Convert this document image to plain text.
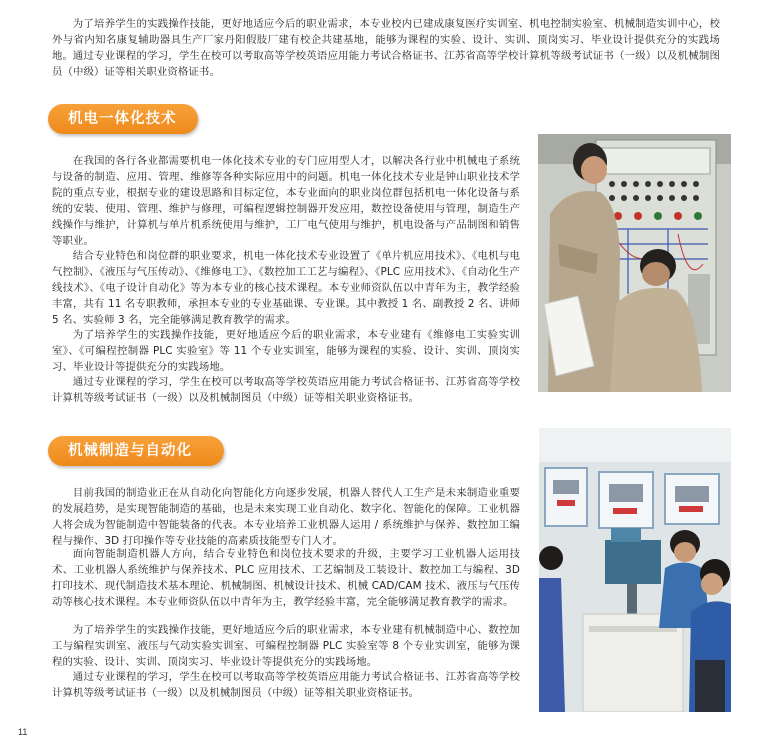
为了培养学生的实践操作技能，更好地适应今后的职业需求，本专业校内已建成康复医疗实训室、机电控制实验室、机械制造实训中心，校外与省内知名康复辅助器具生产厂家丹阳假肢厂建有校企共建基地，能够为课程的实验、设计、实训、顶岗实习、毕业设计提供充分的实践场地。 通过专业课程的学习，学生在校可以考取高等学校英语应用能力考试合格证书、江苏省高等学校计算机等级考试证书（一级）以及机械制图员（中级）证等相关职业资格证书。

机电一体化技术

在我国的各行各业都需要机电一体化技术专业的专门应用型人才，以解决各行业中机械电子系统与设备的制造、应用、管理、维修等各种实际应用中的问题。机电一体化技术专业是钟山职业技术学院的重点专业，根据专业的建设思路和目标定位，本专业面向的职业岗位群包括机电一体化设备与系统的安装、使用、管理、维护与修理，可编程逻辑控制器开发应用，数控设备使用与管理，制造生产线操作与维护，计算机与单片机系统使用与维护，工厂电气使用与维护，机电设备与产品制图和销售等职业。

结合专业特色和岗位群的职业要求，机电一体化技术专业设置了《单片机应用技术》、《电机与电气控制》、《液压与气压传动》、《维修电工》、《数控加工工艺与编程》、《PLC 应用技术》、《自动化生产线技术》、《电子设计自动化》等为本专业的核心技术课程。本专业师资队伍以中青年为主，教学经验丰富，共有 11 名专职教师，承担本专业的专业基础课、专业课。其中教授 1 名、副教授 2 名、讲师 5 名、实验师 3 名，完全能够满足教育教学的需求。

为了培养学生的实践操作技能，更好地适应今后的职业需求，本专业建有《维修电工实验实训室》、《可编程控制器 PLC 实验室》等 11 个专业实训室，能够为课程的实验、设计、实训、顶岗实习、毕业设计等提供充分的实践场地。

通过专业课程的学习，学生在校可以考取高等学校英语应用能力考试合格证书、江苏省高等学校计算机等级考试证书（一级）以及机械制图员（中级）证等相关职业资格证书。

机械制造与自动化

目前我国的制造业正在从自动化向智能化方向逐步发展，机器人替代人工生产是未来制造业重要的发展趋势，是实现智能制造的基础，也是未来实现工业自动化、数字化、智能化的保障。工业机器人将会成为智能制造中智能装备的代表。本专业培养工业机器人运用 / 系统维护与保养、数控加工编程与操作、3D 打印操作等专业技能的高素质技能型专门人才。

面向智能制造机器人方向，结合专业特色和岗位技术要求的升级，主要学习工业机器人运用技术、工业机器人系统维护与保养技术、PLC 应用技术、工艺编制及工装设计、数控加工与编程、3D 打印技术、现代制造技术基本理论、机械制图、机械设计技术、机械 CAD/CAM 技术、液压与气压传动等核心技术课程。本专业师资队伍以中青年为主，教学经验丰富，完全能够满足教育教学的需求。

为了培养学生的实践操作技能，更好地适应今后的职业需求，本专业建有机械制造中心、数控加工与编程实训室、液压与气动实验实训室、可编程控制器 PLC 实验室等 8 个专业实训室，能够为课程的实验、设计、实训、顶岗实习、毕业设计等提供充分的实践场地。

通过专业课程的学习，学生在校可以考取高等学校英语应用能力考试合格证书、江苏省高等学校计算机等级考试证书（一级）以及机械制图员（中级）证等相关职业资格证书。

11
